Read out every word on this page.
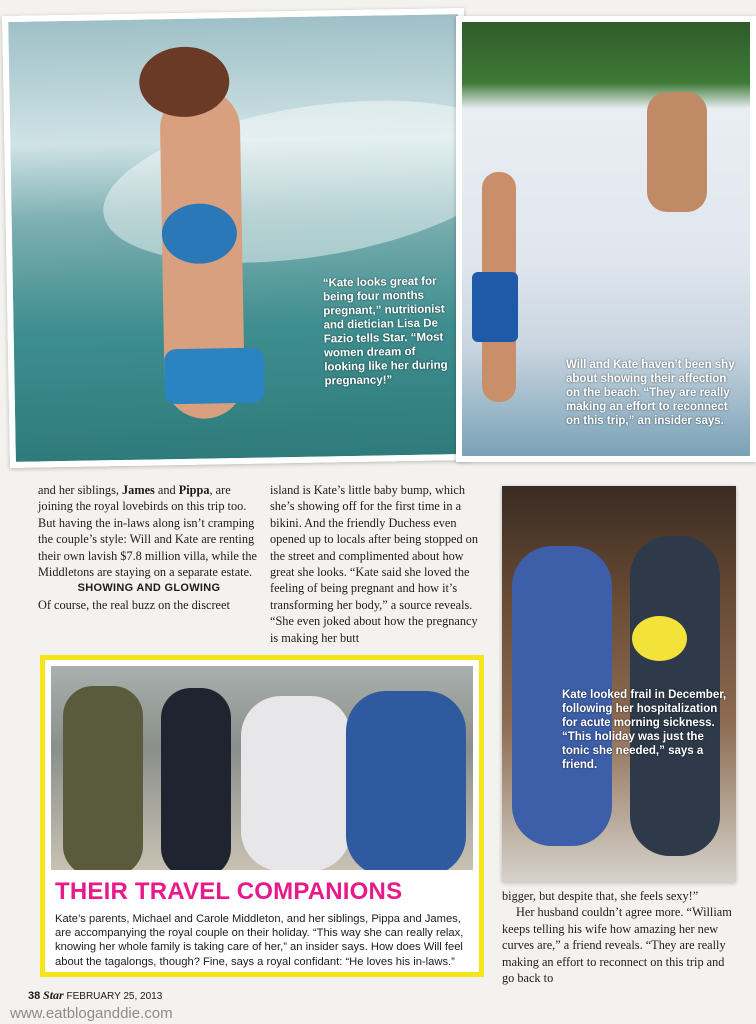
“Kate looks great for being four months pregnant,” nutritionist and dietician Lisa De Fazio tells Star. “Most women dream of looking like her during pregnancy!”

Will and Kate haven’t been shy about showing their affection on the beach. “They are really making an effort to reconnect on this trip,” an insider says.

and her siblings, James and Pippa, are joining the royal lovebirds on this trip too. But having the in-laws along isn’t cramping the couple’s style: Will and Kate are renting their own lavish $7.8 million villa, while the Middletons are staying on a separate estate.

SHOWING AND GLOWING

Of course, the real buzz on the discreet

island is Kate’s little baby bump, which she’s showing off for the first time in a bikini. And the friendly Duchess even opened up to locals after being stopped on the street and complimented about how great she looks. “Kate said she loved the feeling of being pregnant and how it’s transforming her body,” a source reveals. “She even joked about how the pregnancy is making her butt

Kate looked frail in December, following her hospitalization for acute morning sickness. “This holiday was just the tonic she needed,” says a friend.

bigger, but despite that, she feels sexy!”

Her husband couldn’t agree more. “William keeps telling his wife how amazing her new curves are,” a friend reveals. “They are really making an effort to reconnect on this trip and go back to

THEIR TRAVEL COMPANIONS

Kate’s parents, Michael and Carole Middleton, and her siblings, Pippa and James, are accompanying the royal couple on their holiday. “This way she can really relax, knowing her whole family is taking care of her,” an insider says. How does Will feel about the tagalongs, though? Fine, says a royal confidant: “He loves his in-laws.”

38 Star FEBRUARY 25, 2013

www.eatbloganddie.com
